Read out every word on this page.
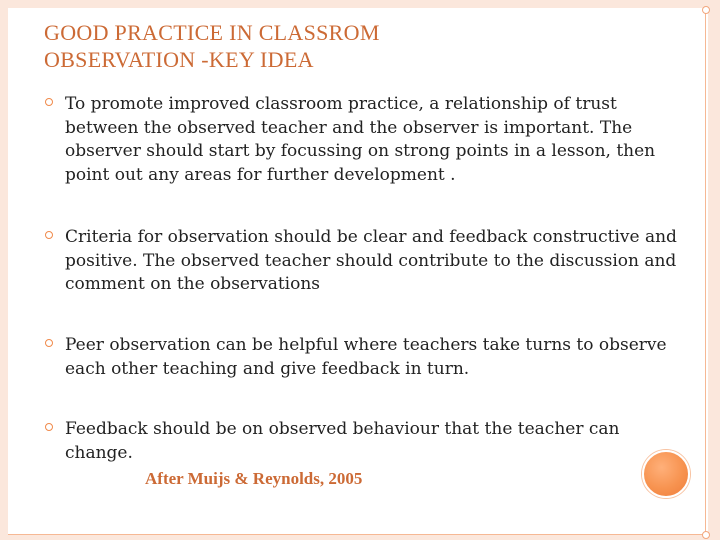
GOOD PRACTICE IN CLASSROM
OBSERVATION -KEY IDEA
To promote improved classroom practice, a relationship of trust between the observed teacher and the observer is important. The observer should start by focussing on strong points in a lesson, then point out any areas for further development .
Criteria for observation should be clear and feedback constructive and positive. The observed teacher should contribute to the discussion and comment on the observations
Peer observation can be helpful where teachers take turns to observe each other teaching and give feedback in turn.
Feedback should be on observed behaviour that the teacher can change.
After Muijs & Reynolds, 2005
